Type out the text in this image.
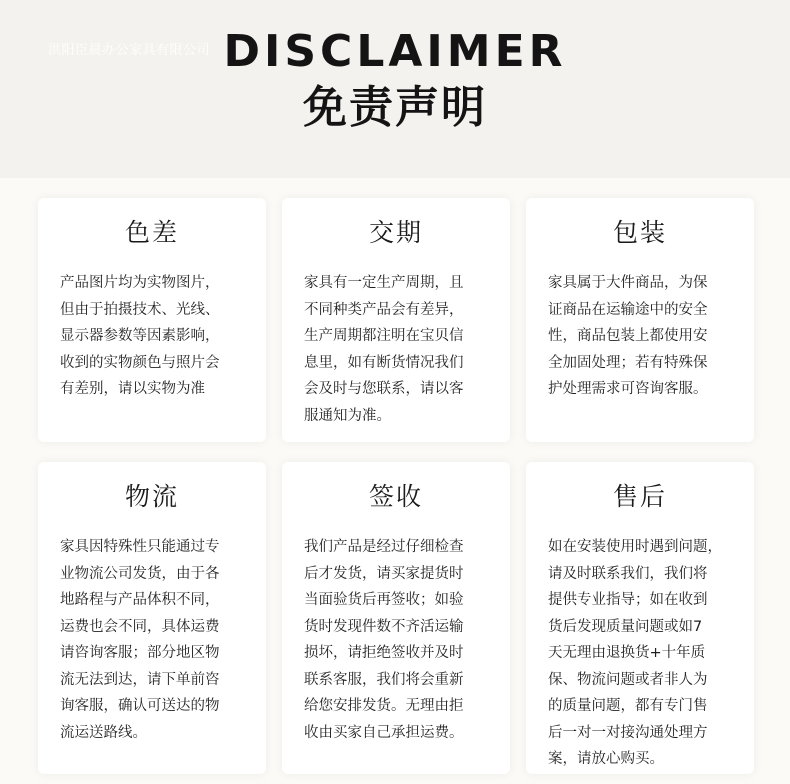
洪阳臣晨办公家具有限公司 DISCLAIMER
免责声明
色差
产品图片均为实物图片，
但由于拍摄技术、光线、
显示器参数等因素影响，
收到的实物颜色与照片会
有差别，请以实物为准
交期
家具有一定生产周期，且
不同种类产品会有差异，
生产周期都注明在宝贝信
息里，如有断货情况我们
会及时与您联系，请以客
服通知为准。
包装
家具属于大件商品，为保
证商品在运输途中的安全
性，商品包装上都使用安
全加固处理；若有特殊保
护处理需求可咨询客服。
物流
家具因特殊性只能通过专
业物流公司发货，由于各
地路程与产品体积不同，
运费也会不同，具体运费
请咨询客服；部分地区物
流无法到达，请下单前咨
询客服，确认可送达的物
流运送路线。
签收
我们产品是经过仔细检查
后才发货，请买家提货时
当面验货后再签收；如验
货时发现件数不齐活运输
损坏，请拒绝签收并及时
联系客服，我们将会重新
给您安排发货。无理由拒
收由买家自己承担运费。
售后
如在安装使用时遇到问题，
请及时联系我们，我们将
提供专业指导；如在收到
货后发现质量问题或如7
天无理由退换货+十年质
保、物流问题或者非人为
的质量问题，都有专门售
后一对一对接沟通处理方
案，请放心购买。
